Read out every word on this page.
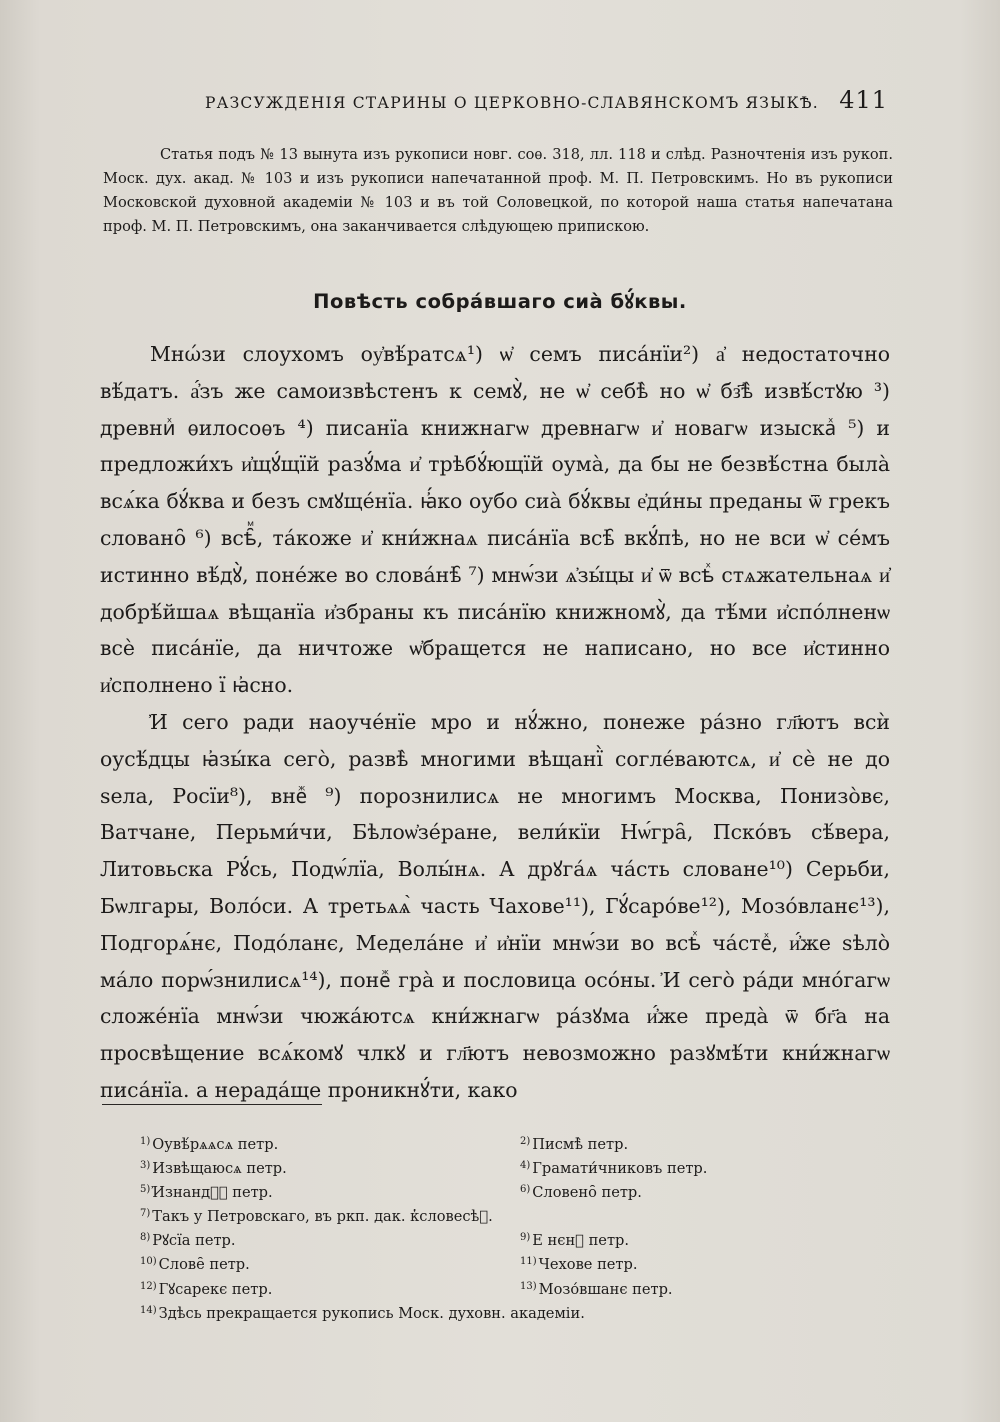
РАЗСУЖДЕНІЯ СТАРИНЫ О ЦЕРКОВНО-СЛАВЯНСКОМЪ ЯЗЫКѢ. 411

Статья подъ № 13 вынута изъ рукописи новг. соѳ. 318, лл. 118 и слѣд. Разночтенія изъ рукоп. Моск. дух. акад. № 103 и изъ рукописи напечатанной проф. М. П. Петровскимъ. Но въ рукописи Московской духовной академіи № 103 и въ той Соловецкой, по которой наша статья напечатана проф. М. П. Петровскимъ, она заканчивается слѣдующею припискою.

Повѣсть собра́вшаго сиа̀ бꙋ́квы.

Мнώзи слоухомъ оу҆вѣ́ратсѧ¹) ѡ҆ семъ писа́нїи²) а҆ недостаточно вѣ́датъ. а҆́зъ же самоизвѣстенъ к семꙋ̀, не ѡ҆ себѣ̀ но ѡ҆ бз҃ѣ̀ извѣ́стꙋю ³) древниⷯ ѳилосоѳъ ⁴) писанїа книжнагѡ древнагѡ и҆ новагѡ изыскаⷯ ⁵) и предложи́хъ и҆щꙋ́щїй разꙋ́ма и҆ трѣбꙋ́ющїй оума̀, да бы не безвѣ́стна была̀ всѧ́ка бꙋ́ква и безъ смꙋще́нїа. ꙗ҆́ко оубо сиа̀ бꙋ́квы е҆ди́ны преданы ѿ грекъ словано̑ ⁶) всѣ̑ⷨ, та́коже и҆ кни́жнаѧ писа́нїа всѣ̑ вкꙋ́пѣ, но не вси ѡ҆ се́мъ истинно вѣ́дꙋ̀, поне́же во слова́нѣ̑ ⁷) мнѡ́зи ѧ҆зы́цы и҆ ѿ всѣⷯ стѧжательнаѧ и҆ добрѣ́йшаѧ вѣщанїа и҆збраны къ писа́нїю книжномꙋ̀, да тѣ́ми и҆спо́лненѡ всѐ писа́нїе, да ничтоже ѡ҆бращется не написано, но все и҆стинно и҆сполнено ї ꙗ҆сно.

҆И сего ради наоуче́нїе мро и нꙋ́жно, понеже ра́зно гл҃ютъ всѝ оусѣ́дцы ꙗ҆зы́ка сего̀, развѣ̀ многими вѣщанї̀ согле́ваютсѧ, и҆ сѐ не до ѕела, Росїи⁸), внеⷤ ⁹) порознилисѧ не многимъ Москва, Понизо̀вє, Ватчане, Перьми́чи, Бѣлоѡ҆зе́ране, вели́кїи Нѡ́гра̑, Пско́въ сѣ́вера, Литовьска Рꙋ́сь, Подѡ́лїа, Волы́нѧ. А дрꙋга́ѧ ча́сть словане¹⁰) Серьби, Бѡлгары, Воло́си. А третьѧѧ̀ часть Чахове¹¹), Гꙋ́саро́ве¹²), Мозо́вланє¹³), Подгорѧ́нє, Подо́ланє, Медела́не и҆ и҆нїи мнѡ́зи во всѣⷯ ча́стеⷯ, и҆́же ѕѣло̀ ма́ло порѡ́знилисѧ¹⁴), понеⷤ гра̀ и пословица осо́ны. ҆И сего̀ ра́ди мно́гагѡ сложе́нїа мнѡ́зи чюжа́ютсѧ кни́жнагѡ ра́зꙋма и҆́же преда̀ ѿ бг҃а на просвѣщение всѧ́комꙋ члкꙋ и гл҃ютъ невозможно разꙋмѣ́ти кни́жнагѡ писа́нїа. а нерада́ще проникнꙋ́ти, како

$^{1)}$ Оувѣ́рѧѧсѧ петр.	$^{2)}$ Писмѣ̀ петр.
$^{3)}$ Извѣщаюсѧ петр.	$^{4)}$ Грамати́чниковъ петр.
$^{5)}$ ҆Изнандѡⷯ петр.	$^{6)}$ Словено̑ петр.
$^{7)}$ Такъ у Петровскаго, въ ркп. дак. к̔словесѣⷯ.
$^{8)}$ Рꙋсїа петр.	$^{9)}$ Е нєнⷤ петр.
$^{10)}$ Слове̑ петр.	$^{11)}$ Чехове петр.
$^{12)}$ Гꙋсарекє петр.	$^{13)}$ Мозо́вшанє петр.
$^{14)}$ Здѣсь прекращается рукопись Моск. духовн. академіи.
